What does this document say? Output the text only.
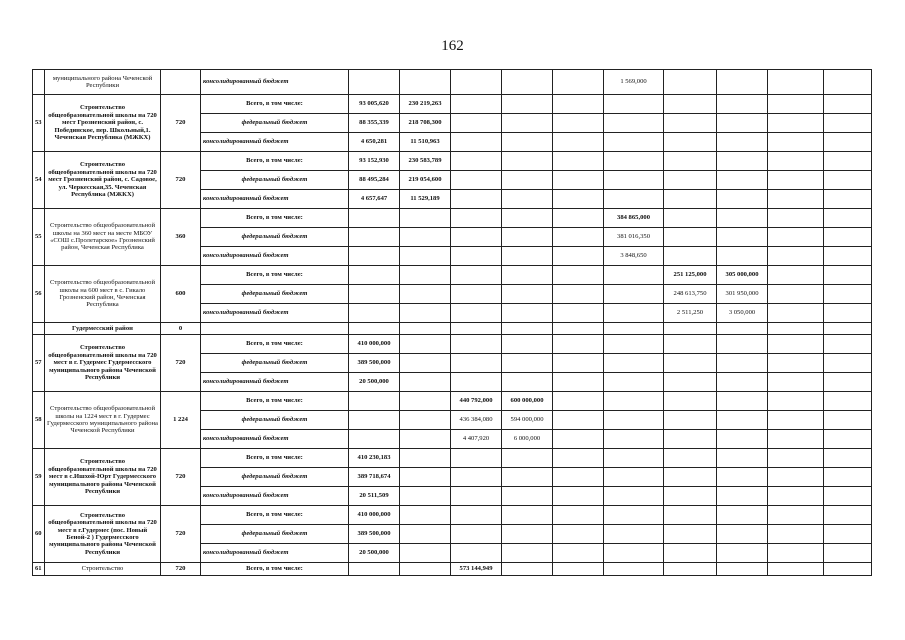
162
	муниципального района Чеченской Республики		консолидированный бюджет						1 569,000				
53	Строительство общеобразовательной школы на 720 мест Грозненский район, с. Побединское, пер. Школьный,1. Чеченская Республика (МЖКХ)	720	Всего, в том числе:	93 005,620	230 219,263								
			федеральный бюджет	88 355,339	218 708,300								
			консолидированный бюджет	4 650,281	11 510,963								
54	Строительство общеобразовательной школы на 720 мест Грозненский район, с. Садовое, ул. Черкесская,35. Чеченская Республика (МЖКХ)	720	Всего, в том числе:	93 152,930	230 583,789								
			федеральный бюджет	88 495,284	219 054,600								
			консолидированный бюджет	4 657,647	11 529,189								
55	Строительство общеобразовательной школы на 360 мест на месте МБОУ «СОШ с.Пролетарское» Грозненский район, Чеченская Республика	360	Всего, в том числе:						384 865,000				
			федеральный бюджет						381 016,350				
			консолидированный бюджет						3 848,650				
56	Строительство общеобразовательной школы на 600 мест в с. Гикало Грозненский район, Чеченская Республика	600	Всего, в том числе:							251 125,000	305 000,000		
			федеральный бюджет							248 613,750	301 950,000		
			консолидированный бюджет							2 511,250	3 050,000		
	Гудермесский район	0											
57	Строительство общеобразовательной школы на 720 мест в г. Гудермес Гудермесского муниципального района Чеченской Республики	720	Всего, в том числе:	410 000,000									
			федеральный бюджет	389 500,000									
			консолидированный бюджет	20 500,000									
58	Строительство общеобразовательной школы на 1224 мест в г. Гудермес Гудермесского муниципального района Чеченской Республики	1 224	Всего, в том числе:			440 792,000	600 000,000						
			федеральный бюджет			436 384,080	594 000,000						
			консолидированный бюджет			4 407,920	6 000,000						
59	Строительство общеобразовательной школы на 720 мест в с.Ишхой-Юрт Гудермесского муниципального района Чеченской Республики	720	Всего, в том числе:	410 230,183									
			федеральный бюджет	389 718,674									
			консолидированный бюджет	20 511,509									
60	Строительство общеобразовательной школы на 720 мест в г.Гудермес (пос. Новый Беной-2 ) Гудермесского муниципального района Чеченской Республики	720	Всего, в том числе:	410 000,000									
			федеральный бюджет	389 500,000									
			консолидированный бюджет	20 500,000									
61	Строительство	720	Всего, в том числе:			573 144,949							
